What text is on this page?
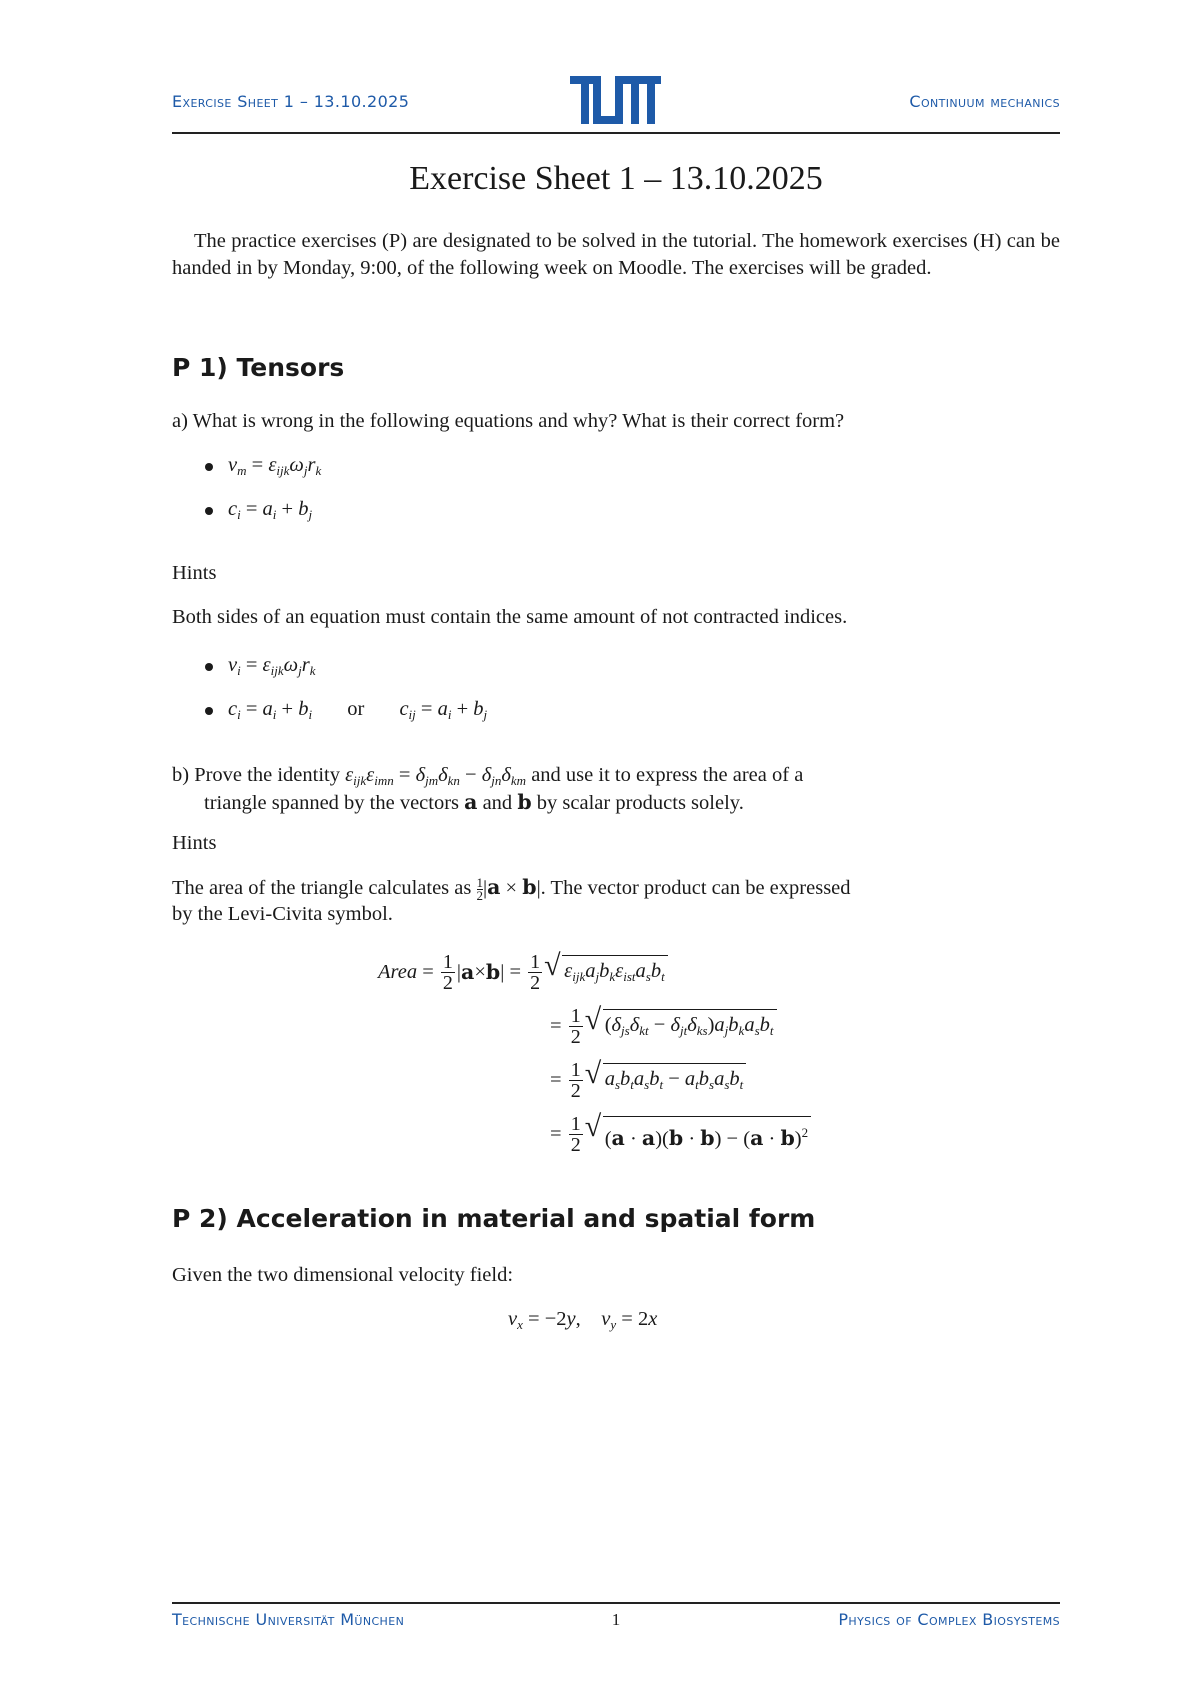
Exercise Sheet 1 – 13.10.2025	Continuum mechanics
Exercise Sheet 1 – 13.10.2025
The practice exercises (P) are designated to be solved in the tutorial. The homework exercises (H) can be handed in by Monday, 9:00, of the following week on Moodle. The exercises will be graded.
P 1) Tensors
a) What is wrong in the following equations and why? What is their correct form?
$v_m = \varepsilon_{ijk}\omega_jr_k$
$c_i = a_i + b_j$
Hints
Both sides of an equation must contain the same amount of not contracted indices.
$v_i = \varepsilon_{ijk}\omega_jr_k$
$c_i = a_i + b_i$ or $c_{ij} = a_i + b_j$
b) Prove the identity $\varepsilon_{ijk}\varepsilon_{imn} = \delta_{jm}\delta_{kn} - \delta_{jn}\delta_{km}$ and use it to express the area of a
triangle spanned by the vectors a and b by scalar products solely.
Hints
The area of the triangle calculates as $\frac{1}{2} |a \times b|$. The vector product can be expressed
by the Levi-Civita symbol.
Area = $\frac{1}{2}$ | a × b | = $\frac{1}{2}$ √ $\varepsilon_{ijk}a_jb_k\varepsilon_{ist}a_sb_t$
= $\frac{1}{2}$ √ $(\delta_{js}\delta_{kt} - \delta_{jt}\delta_{ks})a_jb_ka_sb_t$
= $\frac{1}{2}$ √ $a_sb_ta_sb_t - a_tb_sa_sb_t$
= $\frac{1}{2}$ √ $(a \cdot a)(b \cdot b) - (a \cdot b)^2$
P 2) Acceleration in material and spatial form
Given the two dimensional velocity field:
$v_x = -2y$,    $v_y = 2x$
Technische Universität München	1	Physics of Complex Biosystems
